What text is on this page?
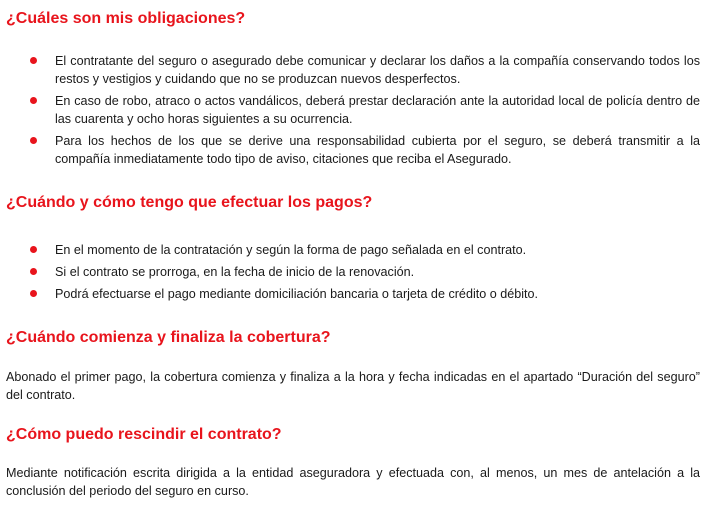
¿Cuáles son mis obligaciones?
El contratante del seguro o asegurado debe comunicar y declarar los daños a la compañía conservando todos los restos y vestigios y cuidando que no se produzcan nuevos desperfectos.
En caso de robo, atraco o actos vandálicos, deberá prestar declaración ante la autoridad local de policía dentro de las cuarenta y ocho horas siguientes a su ocurrencia.
Para los hechos de los que se derive una responsabilidad cubierta por el seguro, se deberá transmitir a la compañía inmediatamente todo tipo de aviso, citaciones que reciba el Asegurado.
¿Cuándo y cómo tengo que efectuar los pagos?
En el momento de la contratación y según la forma de pago señalada en el contrato.
Si el contrato se prorroga, en la fecha de inicio de la renovación.
Podrá efectuarse el pago mediante domiciliación bancaria o tarjeta de crédito o débito.
¿Cuándo comienza y finaliza la cobertura?

Abonado el primer pago, la cobertura comienza y finaliza a la hora y fecha indicadas en el apartado “Duración del seguro” del contrato.

¿Cómo puedo rescindir el contrato?

Mediante notificación escrita dirigida a la entidad aseguradora y efectuada con, al menos, un mes de antelación a la conclusión del periodo del seguro en curso.
